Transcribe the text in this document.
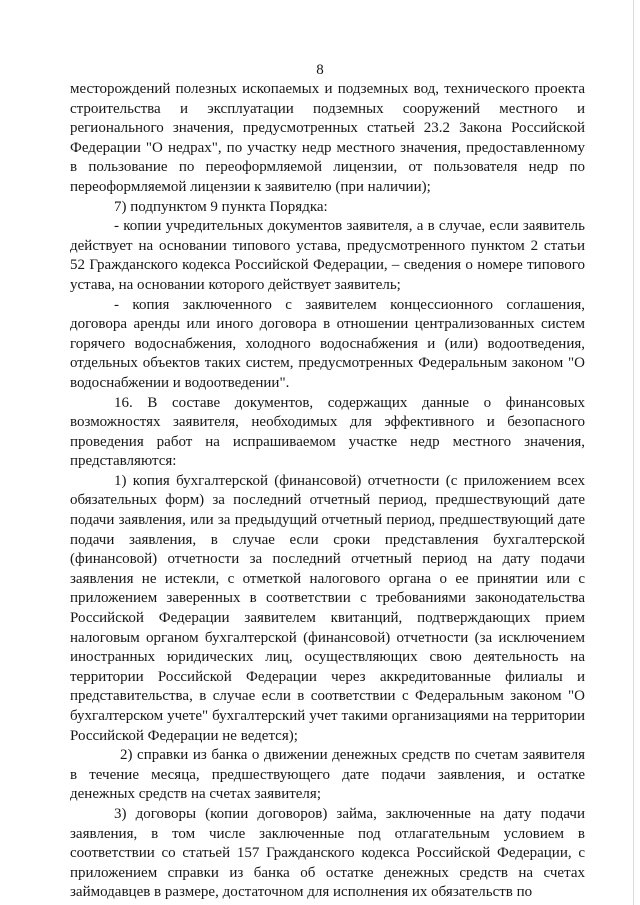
8

месторождений полезных ископаемых и подземных вод, технического проекта строительства и эксплуатации подземных сооружений местного и регионального значения, предусмотренных статьей 23.2 Закона Российской Федерации "О недрах", по участку недр местного значения, предоставленному в пользование по переоформляемой лицензии, от пользователя недр по переоформляемой лицензии к заявителю (при наличии);

7) подпунктом 9 пункта Порядка:

- копии учредительных документов заявителя, а в случае, если заявитель действует на основании типового устава, предусмотренного пунктом 2 статьи 52 Гражданского кодекса Российской Федерации, – сведения о номере типового устава, на основании которого действует заявитель;

- копия заключенного с заявителем концессионного соглашения, договора аренды или иного договора в отношении централизованных систем горячего водоснабжения, холодного водоснабжения и (или) водоотведения, отдельных объектов таких систем, предусмотренных Федеральным законом "О водоснабжении и водоотведении".

16. В составе документов, содержащих данные о финансовых возможностях заявителя, необходимых для эффективного и безопасного проведения работ на испрашиваемом участке недр местного значения, представляются:

1) копия бухгалтерской (финансовой) отчетности (с приложением всех обязательных форм) за последний отчетный период, предшествующий дате подачи заявления, или за предыдущий отчетный период, предшествующий дате подачи заявления, в случае если сроки представления бухгалтерской (финансовой) отчетности за последний отчетный период на дату подачи заявления не истекли, с отметкой налогового органа о ее принятии или с приложением заверенных в соответствии с требованиями законодательства Российской Федерации заявителем квитанций, подтверждающих прием налоговым органом бухгалтерской (финансовой) отчетности (за исключением иностранных юридических лиц, осуществляющих свою деятельность на территории Российской Федерации через аккредитованные филиалы и представительства, в случае если в соответствии с Федеральным законом "О бухгалтерском учете" бухгалтерский учет такими организациями на территории Российской Федерации не ведется);

2) справки из банка о движении денежных средств по счетам заявителя в течение месяца, предшествующего дате подачи заявления, и остатке денежных средств на счетах заявителя;

3) договоры (копии договоров) займа, заключенные на дату подачи заявления, в том числе заключенные под отлагательным условием в соответствии со статьей 157 Гражданского кодекса Российской Федерации, с приложением справки из банка об остатке денежных средств на счетах займодавцев в размере, достаточном для исполнения их обязательств по
